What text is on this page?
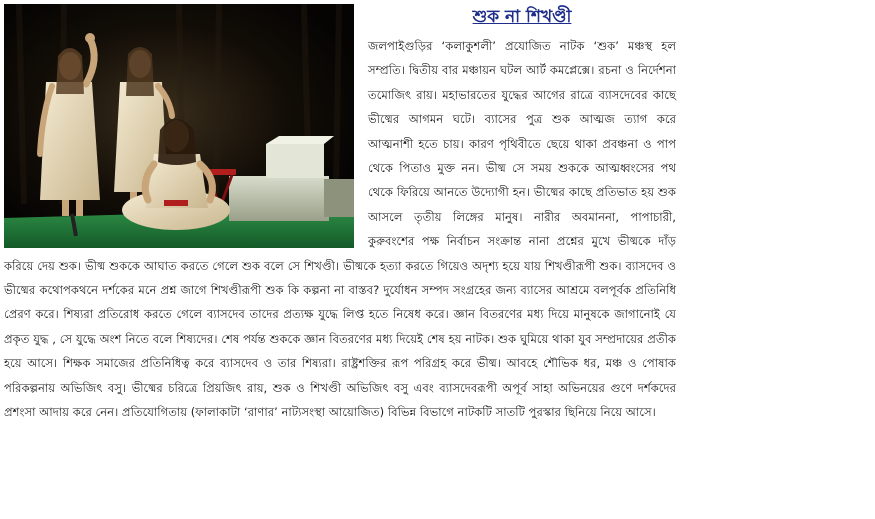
শুক না শিখণ্ডী

জলপাইগুড়ির ‘কলাকুশলী’ প্রযোজিত নাটক ‘শুক’ মঞ্চস্থ হল সম্প্রতি। দ্বিতীয় বার মঞ্চায়ন ঘটল আর্ট কমপ্লেক্সে। রচনা ও নির্দেশনা তমোজিৎ রায়। মহাভারতের যুদ্ধের আগের রাত্রে ব্যাসদেবের কাছে ভীষ্মের আগমন ঘটে। ব্যাসের পুত্র শুক আত্মজ ত্যাগ করে আত্মনাশী হতে চায়। কারণ পৃথিবীতে ছেয়ে থাকা প্রবঞ্চনা ও পাপ থেকে পিতাও মুক্ত নন। ভীষ্ম সে সময় শুককে আত্মধ্বংসের পথ থেকে ফিরিয়ে আনতে উদ্যোগী হন। ভীষ্মের কাছে প্রতিভাত হয় শুক আসলে তৃতীয় লিঙ্গের মানুষ। নারীর অবমাননা, পাপাচারী, কুরুবংশের পক্ষ নির্বাচন সংক্রান্ত নানা প্রশ্নের মুখে ভীষ্মকে দাঁড় করিয়ে দেয় শুক। ভীষ্ম শুককে আঘাত করতে গেলে শুক বলে সে শিখণ্ডী। ভীষ্মকে হত্যা করতে গিয়েও অদৃশ্য হয়ে যায় শিখণ্ডীরূপী শুক। ব্যাসদেব ও ভীষ্মের কথোপকথনে দর্শকের মনে প্রশ্ন জাগে শিখণ্ডীরূপী শুক কি কল্পনা না বাস্তব? দুর্যোধন সম্পদ সংগ্রহের জন্য ব্যাসের আশ্রমে বলপূর্বক প্রতিনিধি প্রেরণ করে। শিষ্যরা প্রতিরোধ করতে গেলে ব্যাসদেব তাদের প্রত্যক্ষ যুদ্ধে লিপ্ত হতে নিষেধ করে। জ্ঞান বিতরণের মধ্য দিয়ে মানুষকে জাগানোই যে প্রকৃত যুদ্ধ , সে যুদ্ধে অংশ নিতে বলে শিষ্যদের। শেষ পর্যন্ত শুককে জ্ঞান বিতরণের মধ্য দিয়েই শেষ হয় নাটক। শুক ঘুমিয়ে থাকা যুব সম্প্রদায়ের প্রতীক হয়ে আসে। শিক্ষক সমাজের প্রতিনিধিত্ব করে ব্যাসদেব ও তার শিষ্যরা। রাষ্ট্রশক্তির রূপ পরিগ্রহ করে ভীষ্ম। আবহে শৌভিক ধর, মঞ্চ ও পোষাক পরিকল্পনায় অভিজিৎ বসু। ভীষ্মের চরিত্রে প্রিয়জিৎ রায়, শুক ও শিখণ্ডী অভিজিৎ বসু এবং ব্যাসদেবরূপী অপূর্ব সাহা অভিনয়ের গুণে দর্শকদের প্রশংসা আদায় করে নেন। প্রতিযোগিতায় (ফালাকাটা ‘রাণার’ নাট্যসংস্থা আয়োজিত) বিভিন্ন বিভাগে নাটকটি সাতটি পুরস্কার ছিনিয়ে নিয়ে আসে।
